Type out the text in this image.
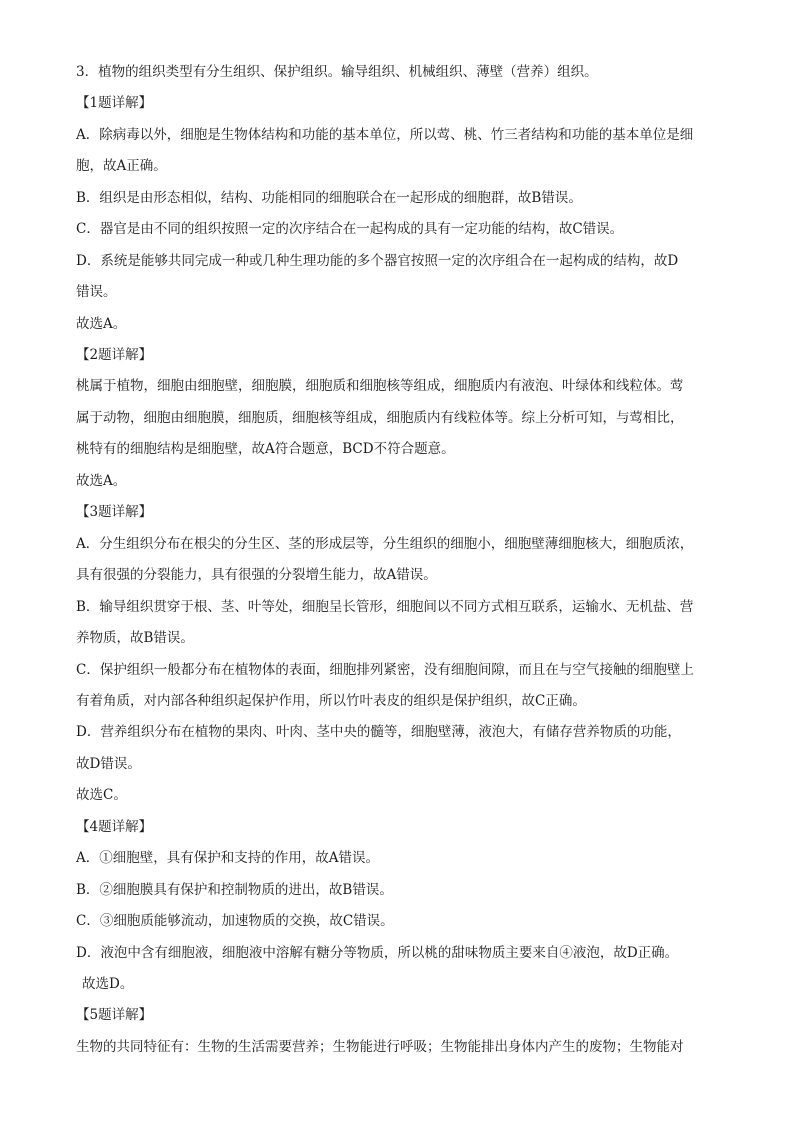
3．植物的组织类型有分生组织、保护组织。输导组织、机械组织、薄壁（营养）组织。
【1题详解】
A．除病毒以外，细胞是生物体结构和功能的基本单位，所以莺、桃、竹三者结构和功能的基本单位是细
胞，故A正确。
B．组织是由形态相似，结构、功能相同的细胞联合在一起形成的细胞群，故B错误。
C．器官是由不同的组织按照一定的次序结合在一起构成的具有一定功能的结构，故C错误。
D．系统是能够共同完成一种或几种生理功能的多个器官按照一定的次序组合在一起构成的结构，故D
错误。
故选A。
【2题详解】
桃属于植物，细胞由细胞壁，细胞膜，细胞质和细胞核等组成，细胞质内有液泡、叶绿体和线粒体。莺
属于动物，细胞由细胞膜，细胞质，细胞核等组成，细胞质内有线粒体等。综上分析可知，与莺相比，
桃特有的细胞结构是细胞壁，故A符合题意，BCD不符合题意。
故选A。
【3题详解】
A．分生组织分布在根尖的分生区、茎的形成层等，分生组织的细胞小，细胞壁薄细胞核大，细胞质浓，
具有很强的分裂能力，具有很强的分裂增生能力，故A错误。
B．输导组织贯穿于根、茎、叶等处，细胞呈长管形，细胞间以不同方式相互联系，运输水、无机盐、营
养物质，故B错误。
C．保护组织一般都分布在植物体的表面，细胞排列紧密，没有细胞间隙，而且在与空气接触的细胞壁上
有着角质，对内部各种组织起保护作用，所以竹叶表皮的组织是保护组织，故C正确。
D．营养组织分布在植物的果肉、叶肉、茎中央的髓等，细胞壁薄，液泡大，有储存营养物质的功能，
故D错误。
故选C。
【4题详解】
A．①细胞壁，具有保护和支持的作用，故A错误。
B．②细胞膜具有保护和控制物质的进出，故B错误。
C．③细胞质能够流动，加速物质的交换，故C错误。
D．液泡中含有细胞液，细胞液中溶解有糖分等物质，所以桃的甜味物质主要来自④液泡，故D正确。
故选D。
【5题详解】
生物的共同特征有：生物的生活需要营养；生物能进行呼吸；生物能排出身体内产生的废物；生物能对
